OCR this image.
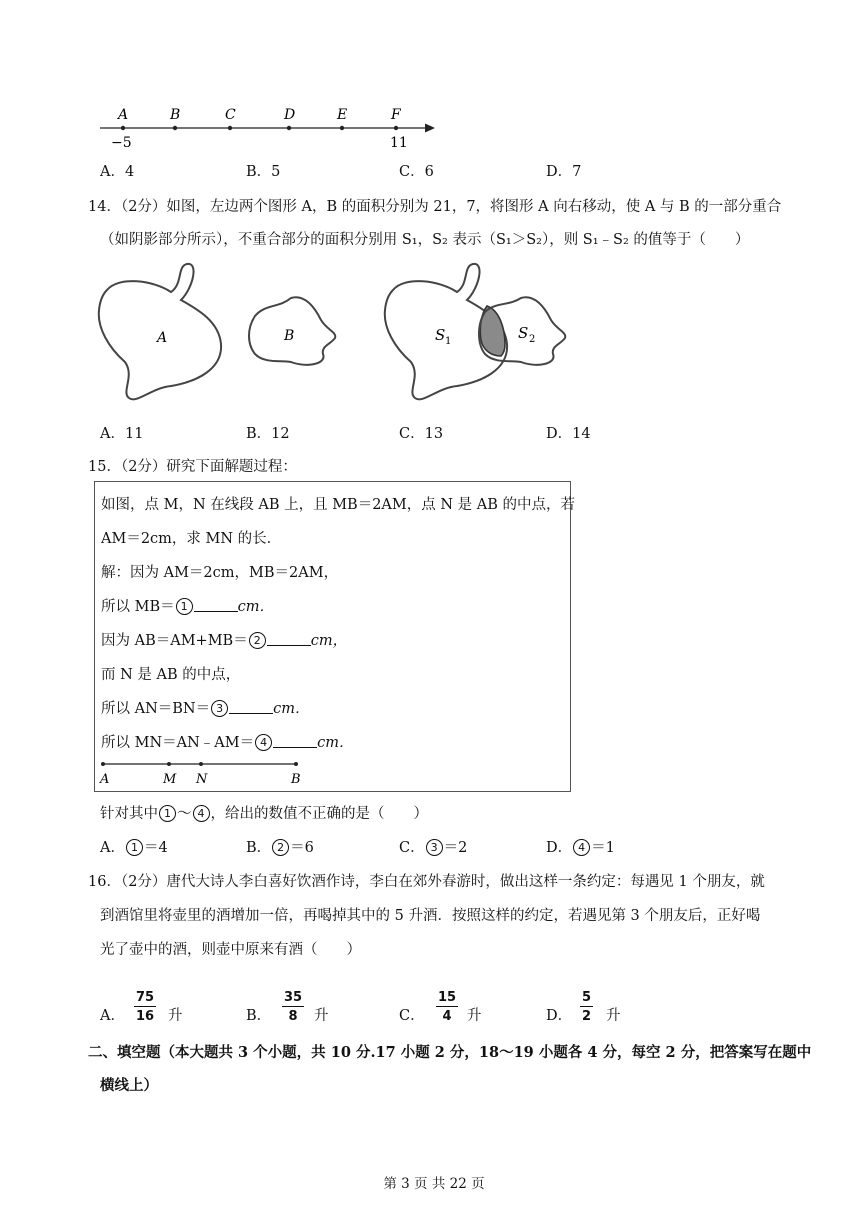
A	B	C	D	E	F
−5	11
A．4	B．5	C．6	D．7
14．（2分）如图，左边两个图形 A，B 的面积分别为 21，7，将图形 A 向右移动，使 A 与 B 的一部分重合
（如阴影部分所示），不重合部分的面积分别用 S₁，S₂ 表示（S₁＞S₂），则 S₁﹣S₂ 的值等于（　　）
A	B	S 1	S 2
A．11	B．12	C．13	D．14
15．（2分）研究下面解题过程：
如图，点 M，N 在线段 AB 上，且 MB＝2AM，点 N 是 AB 的中点，若
AM＝2cm，求 MN 的长．
解：因为 AM＝2cm，MB＝2AM，
所以 MB＝ 1	cm．
因为 AB＝AM+MB＝ 2	cm，
而 N 是 AB 的中点，
所以 AN＝BN＝ 3	cm．
所以 MN＝AN﹣AM＝ 4	cm．
A	M N	B
针对其中 1 ～ 4 ，给出的数值不正确的是（　　）
A． 1 ＝4	B． 2 ＝6	C． 3 ＝2	D． 4 ＝1
16．（2分）唐代大诗人李白喜好饮酒作诗，李白在郊外春游时，做出这样一条约定：每遇见 1 个朋友，就
到酒馆里将壶里的酒增加一倍，再喝掉其中的 5 升酒．按照这样的约定，若遇见第 3 个朋友后，正好喝
光了壶中的酒，则壶中原来有酒（　　）
A． $\frac{75}{16}$ 升	B． $\frac{35}{8}$ 升	C． $\frac{15}{4}$ 升	D． $\frac{5}{2}$ 升
二、填空题（本大题共 3 个小题，共 10 分.17 小题 2 分，18～19 小题各 4 分，每空 2 分，把答案写在题中
横线上）
第 3 页 共 22 页
